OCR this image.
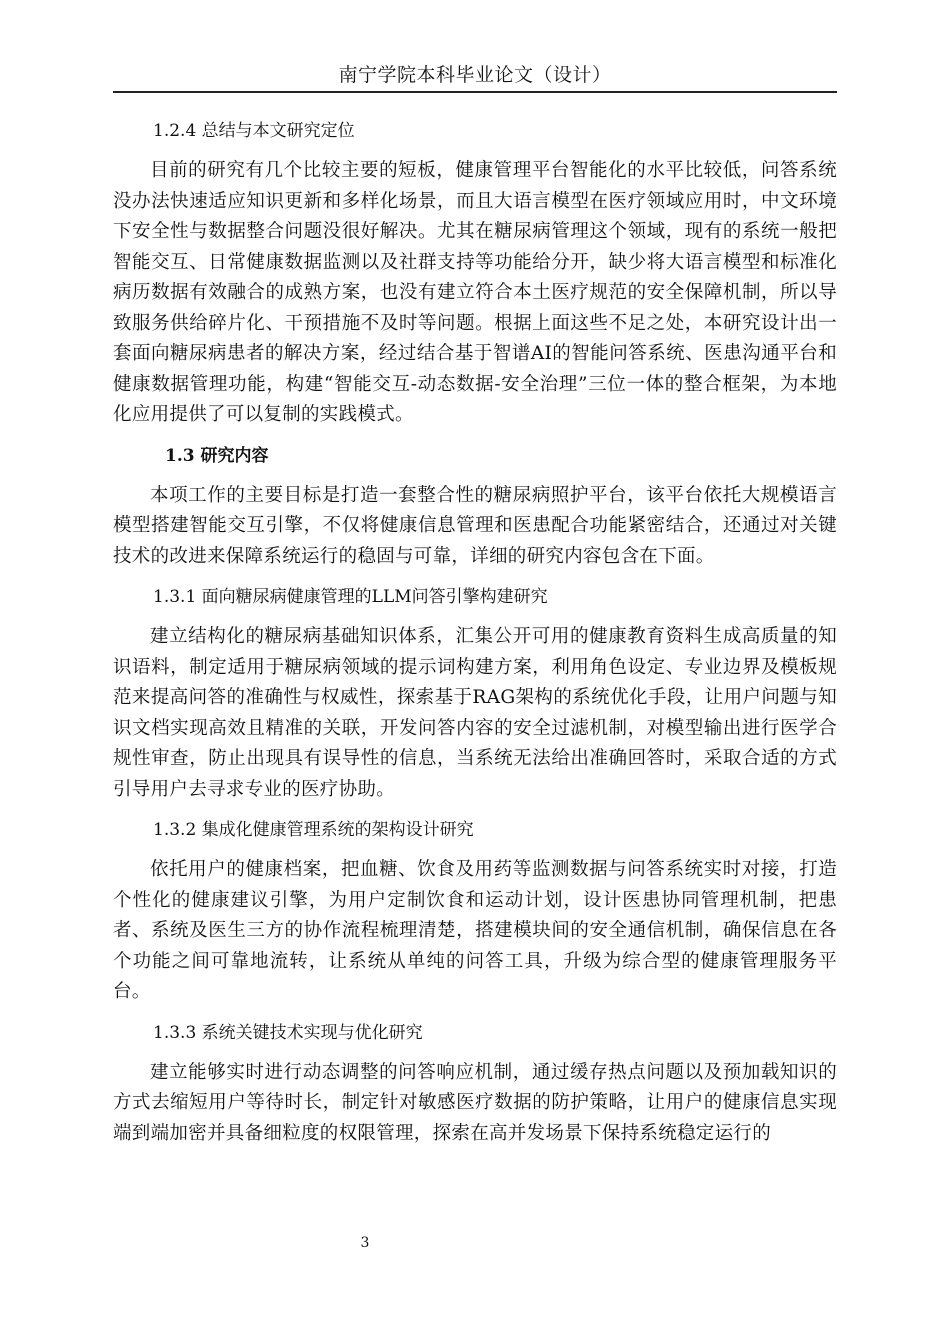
南宁学院本科毕业论文（设计）
1.2.4 总结与本文研究定位

目前的研究有几个比较主要的短板，健康管理平台智能化的水平比较低，问答系统没办法快速适应知识更新和多样化场景，而且大语言模型在医疗领域应用时，中文环境下安全性与数据整合问题没很好解决。尤其在糖尿病管理这个领域，现有的系统一般把智能交互、日常健康数据监测以及社群支持等功能给分开，缺少将大语言模型和标准化病历数据有效融合的成熟方案，也没有建立符合本土医疗规范的安全保障机制，所以导致服务供给碎片化、干预措施不及时等问题。根据上面这些不足之处，本研究设计出一套面向糖尿病患者的解决方案，经过结合基于智谱AI的智能问答系统、医患沟通平台和健康数据管理功能，构建“智能交互-动态数据-安全治理”三位一体的整合框架，为本地化应用提供了可以复制的实践模式。

1.3 研究内容

本项工作的主要目标是打造一套整合性的糖尿病照护平台，该平台依托大规模语言模型搭建智能交互引擎，不仅将健康信息管理和医患配合功能紧密结合，还通过对关键技术的改进来保障系统运行的稳固与可靠，详细的研究内容包含在下面。

1.3.1 面向糖尿病健康管理的LLM问答引擎构建研究

建立结构化的糖尿病基础知识体系，汇集公开可用的健康教育资料生成高质量的知识语料，制定适用于糖尿病领域的提示词构建方案，利用角色设定、专业边界及模板规范来提高问答的准确性与权威性，探索基于RAG架构的系统优化手段，让用户问题与知识文档实现高效且精准的关联，开发问答内容的安全过滤机制，对模型输出进行医学合规性审查，防止出现具有误导性的信息，当系统无法给出准确回答时，采取合适的方式引导用户去寻求专业的医疗协助。

1.3.2 集成化健康管理系统的架构设计研究

依托用户的健康档案，把血糖、饮食及用药等监测数据与问答系统实时对接，打造个性化的健康建议引擎，为用户定制饮食和运动计划，设计医患协同管理机制，把患者、系统及医生三方的协作流程梳理清楚，搭建模块间的安全通信机制，确保信息在各个功能之间可靠地流转，让系统从单纯的问答工具，升级为综合型的健康管理服务平台。

1.3.3 系统关键技术实现与优化研究

建立能够实时进行动态调整的问答响应机制，通过缓存热点问题以及预加载知识的方式去缩短用户等待时长，制定针对敏感医疗数据的防护策略，让用户的健康信息实现端到端加密并具备细粒度的权限管理，探索在高并发场景下保持系统稳定运行的

3
